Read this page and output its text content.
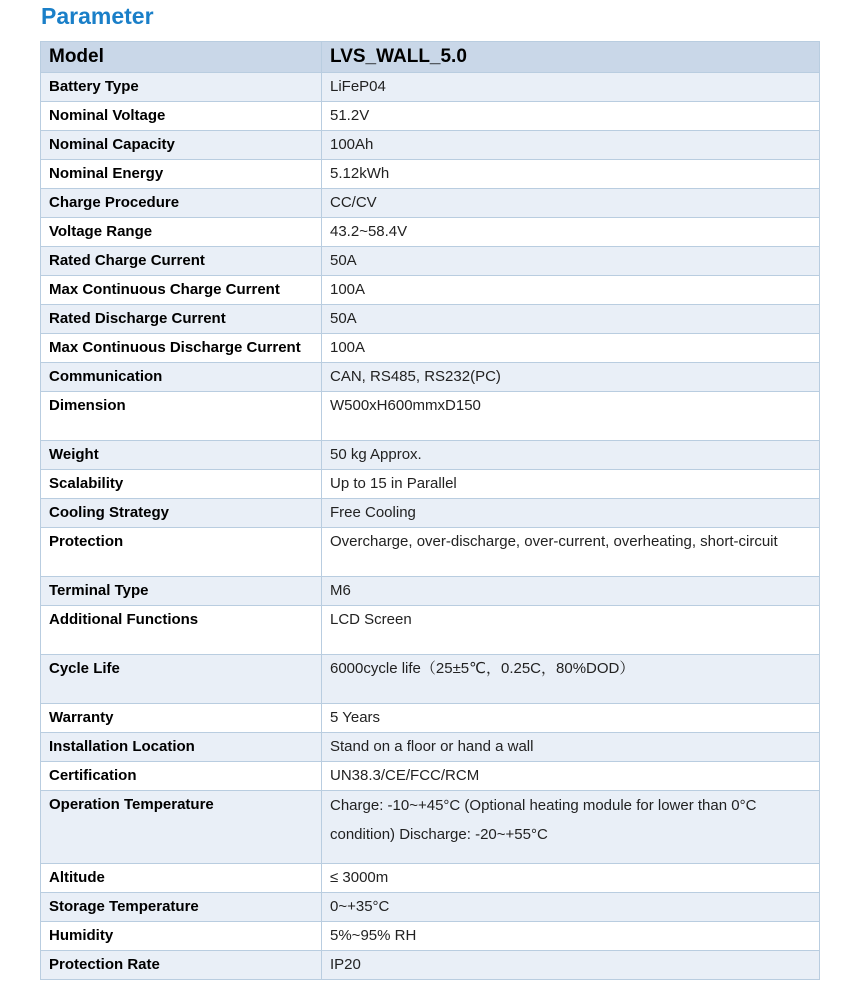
Parameter
Model	LVS_WALL_5.0
Battery Type	LiFeP04
Nominal Voltage	51.2V
Nominal Capacity	100Ah
Nominal Energy	5.12kWh
Charge Procedure	CC/CV
Voltage Range	43.2~58.4V
Rated Charge Current	50A
Max Continuous Charge Current	100A
Rated Discharge Current	50A
Max Continuous Discharge Current	100A
Communication	CAN, RS485, RS232(PC)
Dimension	W500xH600mmxD150
Weight	50 kg Approx.
Scalability	Up to 15 in Parallel
Cooling Strategy	Free Cooling
Protection	Overcharge, over-discharge, over-current, overheating, short-circuit
Terminal Type	M6
Additional Functions	LCD Screen
Cycle Life	6000cycle life（25±5℃，0.25C，80%DOD）
Warranty	5 Years
Installation Location	Stand on a floor or hand a wall
Certification	UN38.3/CE/FCC/RCM
Operation Temperature	Charge: -10~+45°C (Optional heating module for lower than 0°C condition) Discharge: -20~+55°C
Altitude	≤ 3000m
Storage Temperature	0~+35°C
Humidity	5%~95% RH
Protection Rate	IP20
